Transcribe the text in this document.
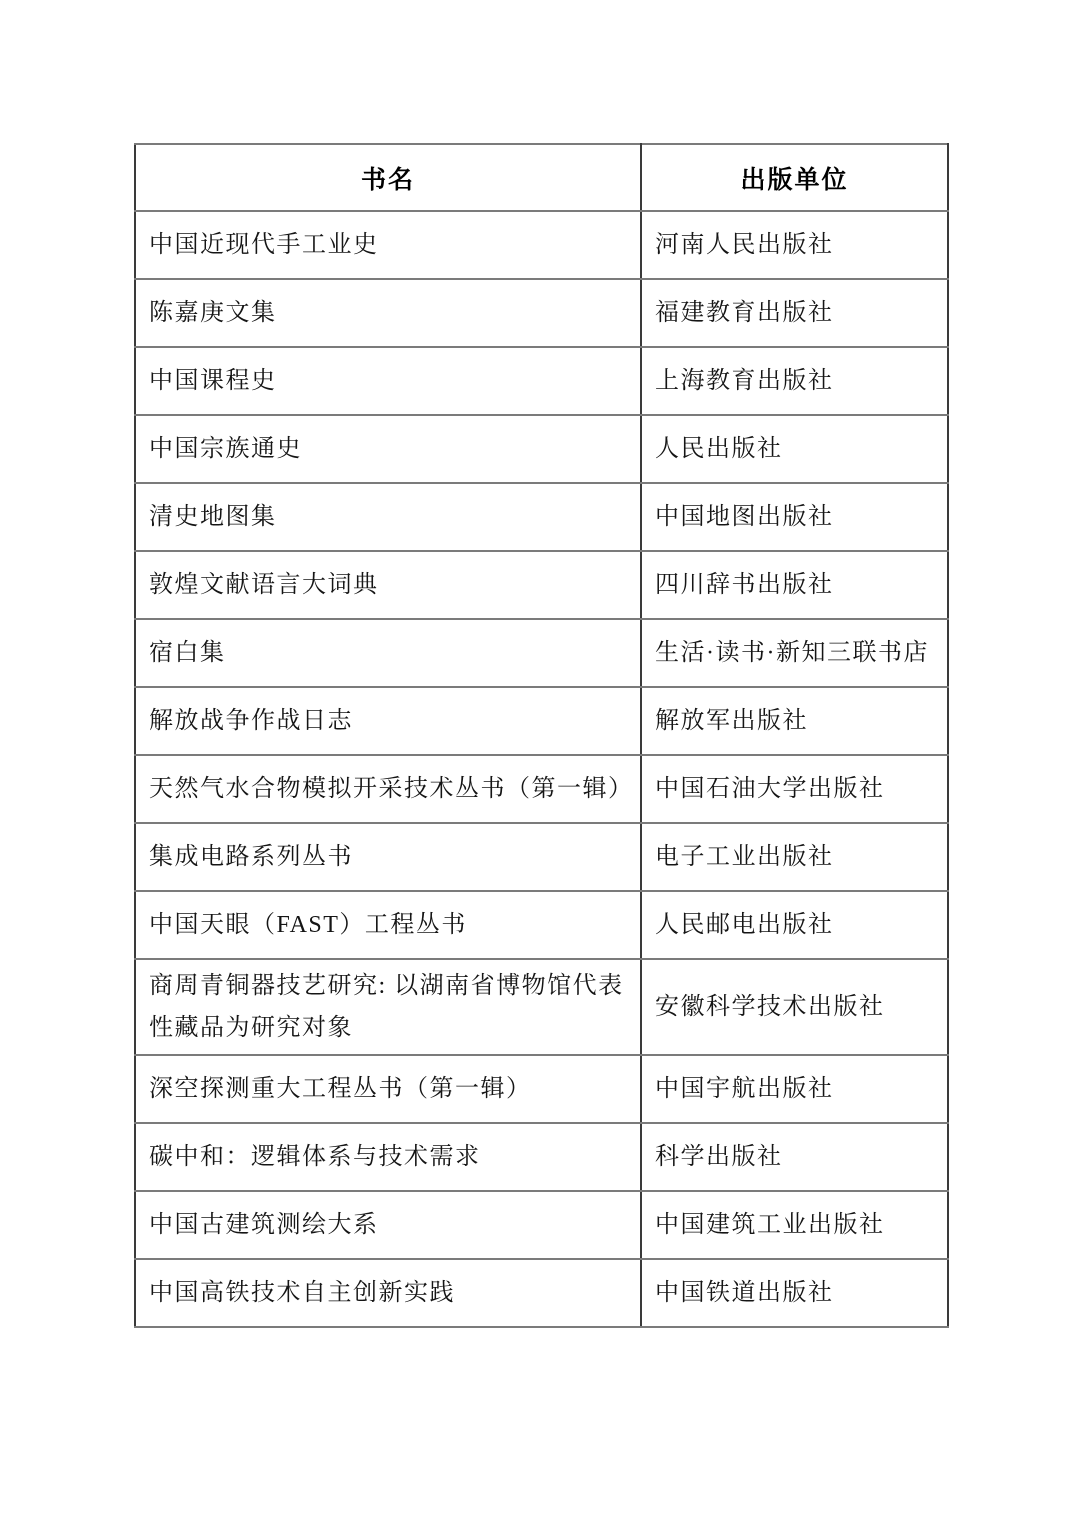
书名	出版单位
中国近现代手工业史	河南人民出版社
陈嘉庚文集	福建教育出版社
中国课程史	上海教育出版社
中国宗族通史	人民出版社
清史地图集	中国地图出版社
敦煌文献语言大词典	四川辞书出版社
宿白集	生活·读书·新知三联书店
解放战争作战日志	解放军出版社
天然气水合物模拟开采技术丛书（第一辑）	中国石油大学出版社
集成电路系列丛书	电子工业出版社
中国天眼（FAST）工程丛书	人民邮电出版社
商周青铜器技艺研究: 以湖南省博物馆代表性藏品为研究对象	安徽科学技术出版社
深空探测重大工程丛书（第一辑）	中国宇航出版社
碳中和：逻辑体系与技术需求	科学出版社
中国古建筑测绘大系	中国建筑工业出版社
中国高铁技术自主创新实践	中国铁道出版社
